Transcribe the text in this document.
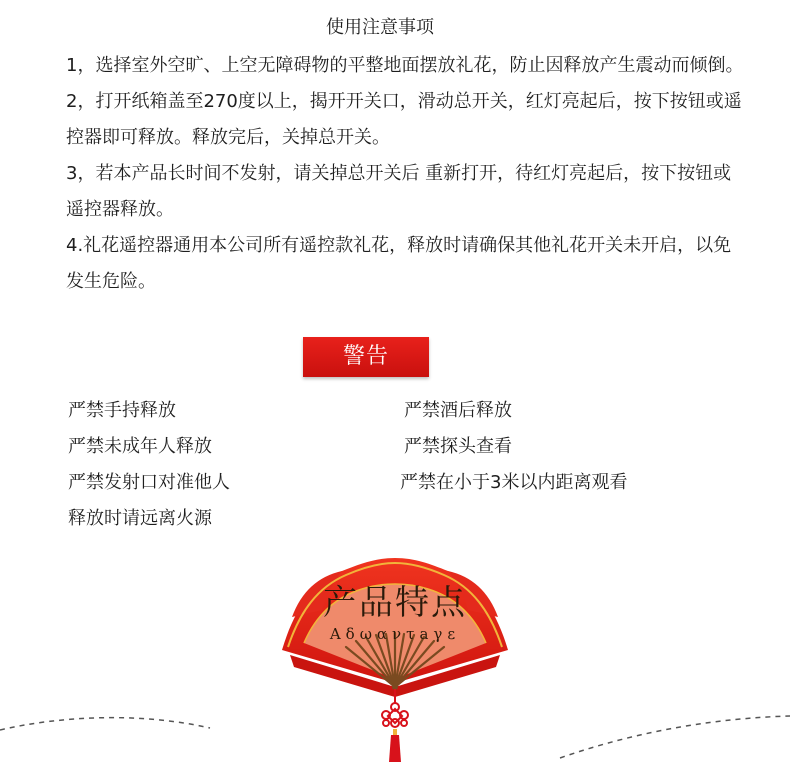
使用注意事项

1，选择室外空旷、上空无障碍物的平整地面摆放礼花，防止因释放产生震动而倾倒。

2，打开纸箱盖至270度以上，揭开开关口，滑动总开关，红灯亮起后，按下按钮或遥控器即可释放。释放完后，关掉总开关。

3，若本产品长时间不发射，请关掉总开关后 重新打开，待红灯亮起后，按下按钮或遥控器释放。

4.礼花遥控器通用本公司所有遥控款礼花，释放时请确保其他礼花开关未开启，以免发生危险。

警告
严禁手持释放
严禁未成年人释放
严禁发射口对准他人
释放时请远离火源
严禁酒后释放
严禁探头查看
严禁在小于3米以内距离观看
产品特点
Αδωαντaγε
